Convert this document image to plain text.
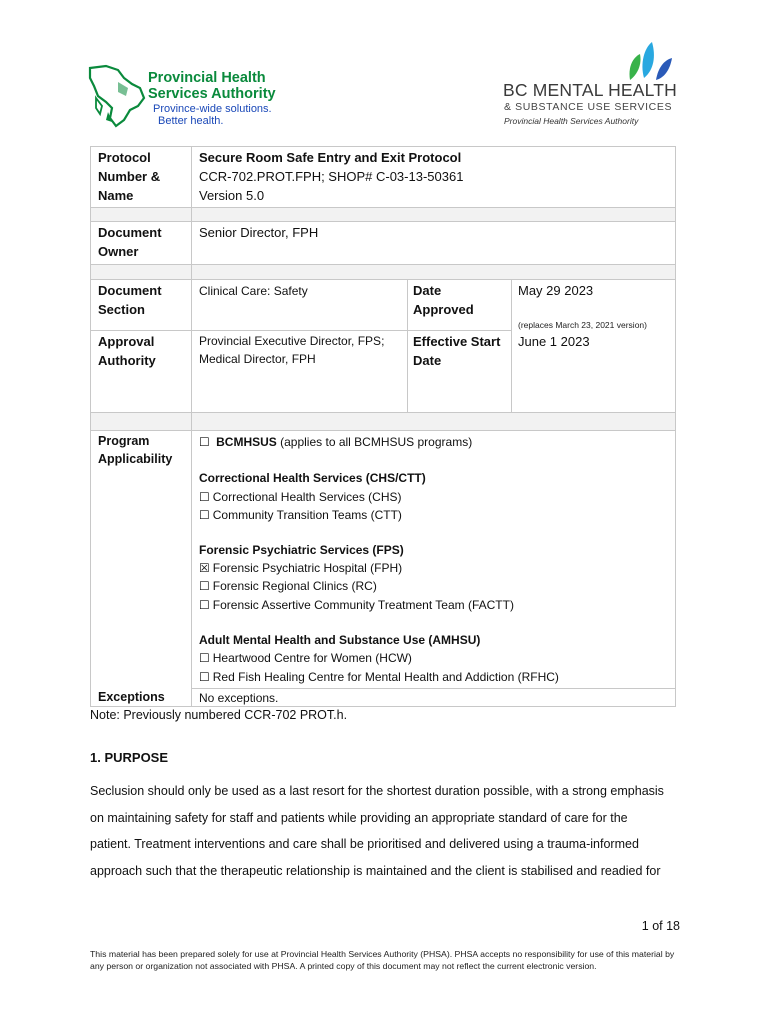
Provincial Health
Services Authority
Province-wide solutions.
Better health.
BC MENTAL HEALTH
& SUBSTANCE USE SERVICES
Provincial Health Services Authority
Protocol Number & Name
Secure Room Safe Entry and Exit Protocol
CCR-702.PROT.FPH; SHOP# C-03-13-50361
Version 5.0
Document Owner
Senior Director, FPH
Document Section
Clinical Care: Safety	Date Approved
May 29 2023
(replaces March 23, 2021 version)
Approval Authority
Provincial Executive Director, FPS; Medical Director, FPH
Effective Start Date
June 1 2023
Program Applicability
☐ BCMHSUS (applies to all BCMHSUS programs)
Correctional Health Services (CHS/CTT)
☐ Correctional Health Services (CHS)
☐ Community Transition Teams (CTT)
Forensic Psychiatric Services (FPS)
☒ Forensic Psychiatric Hospital (FPH)
☐ Forensic Regional Clinics (RC)
☐ Forensic Assertive Community Treatment Team (FACTT)
Adult Mental Health and Substance Use (AMHSU)
☐ Heartwood Centre for Women (HCW)
☐ Red Fish Healing Centre for Mental Health and Addiction (RFHC)
Exceptions	No exceptions.
Note: Previously numbered CCR-702 PROT.h.
1. PURPOSE
Seclusion should only be used as a last resort for the shortest duration possible, with a strong emphasis
on maintaining safety for staff and patients while providing an appropriate standard of care for the
patient. Treatment interventions and care shall be prioritised and delivered using a trauma-informed
approach such that the therapeutic relationship is maintained and the client is stabilised and readied for
1 of 18
This material has been prepared solely for use at Provincial Health Services Authority (PHSA). PHSA accepts no responsibility for use of this material by any person or organization not associated with PHSA. A printed copy of this document may not reflect the current electronic version.
